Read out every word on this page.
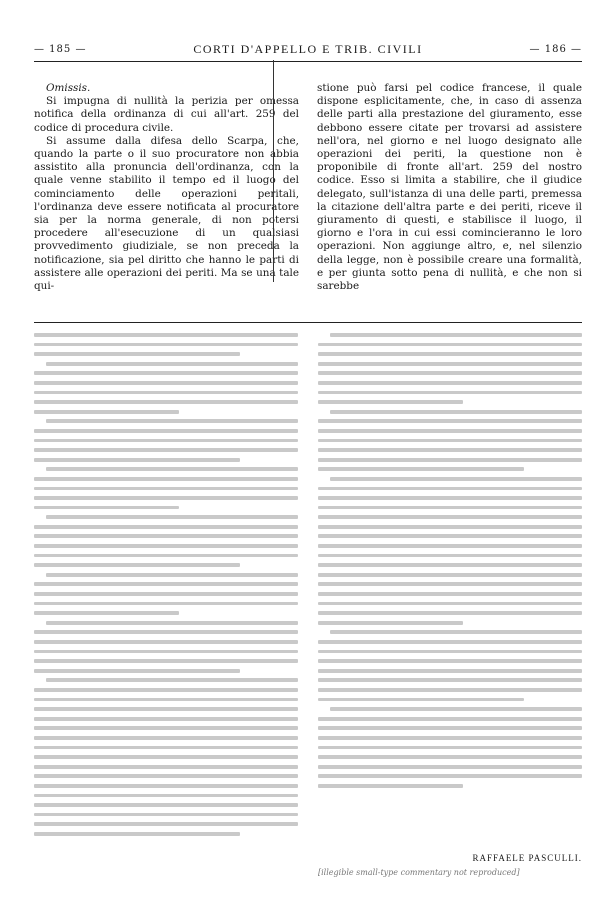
— 185 —	CORTI D'APPELLO E TRIB. CIVILI	— 186 —

Omissis.

Si impugna di nullità la perizia per omessa notifica della ordinanza di cui all'art. 259 del codice di procedura civile.

Si assume dalla difesa dello Scarpa, che, quando la parte o il suo procuratore non abbia assistito alla pronuncia dell'ordinanza, con la quale venne stabilito il tempo ed il luogo del cominciamento delle operazioni peritali, l'ordinanza deve essere notificata al procuratore sia per la norma generale, di non potersi procedere all'esecuzione di un qualsiasi provvedimento giudiziale, se non preceda la notificazione, sia pel diritto che hanno le parti di assistere alle operazioni dei periti. Ma se una tale qui-

stione può farsi pel codice francese, il quale dispone esplicitamente, che, in caso di assenza delle parti alla prestazione del giuramento, esse debbono essere citate per trovarsi ad assistere nell'ora, nel giorno e nel luogo designato alle operazioni dei periti, la questione non è proponibile di fronte all'art. 259 del nostro codice. Esso si limita a stabilire, che il giudice delegato, sull'istanza di una delle parti, premessa la citazione dell'altra parte e dei periti, riceve il giuramento di questi, e stabilisce il luogo, il giorno e l'ora in cui essi comincieranno le loro operazioni. Non aggiunge altro, e, nel silenzio della legge, non è possibile creare una formalità, e per giunta sotto pena di nullità, e che non si sarebbe

RAFFAELE PASCULLI.
[illegible small-type commentary not reproduced]
